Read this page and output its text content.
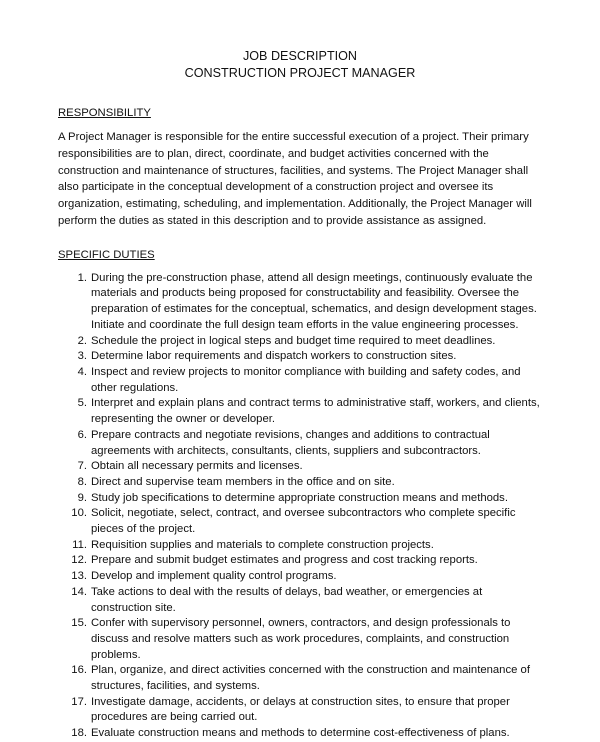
JOB DESCRIPTION

CONSTRUCTION PROJECT MANAGER

RESPONSIBILITY

A Project Manager is responsible for the entire successful execution of a project. Their primary responsibilities are to plan, direct, coordinate, and budget activities concerned with the construction and maintenance of structures, facilities, and systems. The Project Manager shall also participate in the conceptual development of a construction project and oversee its organization, estimating, scheduling, and implementation. Additionally, the Project Manager will perform the duties as stated in this description and to provide assistance as assigned.

SPECIFIC DUTIES

1. During the pre-construction phase, attend all design meetings, continuously evaluate the materials and products being proposed for constructability and feasibility. Oversee the preparation of estimates for the conceptual, schematics, and design development stages. Initiate and coordinate the full design team efforts in the value engineering processes.
2. Schedule the project in logical steps and budget time required to meet deadlines.
3. Determine labor requirements and dispatch workers to construction sites.
4. Inspect and review projects to monitor compliance with building and safety codes, and other regulations.
5. Interpret and explain plans and contract terms to administrative staff, workers, and clients, representing the owner or developer.
6. Prepare contracts and negotiate revisions, changes and additions to contractual agreements with architects, consultants, clients, suppliers and subcontractors.
7. Obtain all necessary permits and licenses.
8. Direct and supervise team members in the office and on site.
9. Study job specifications to determine appropriate construction means and methods.
10. Solicit, negotiate, select, contract, and oversee subcontractors who complete specific pieces of the project.
11. Requisition supplies and materials to complete construction projects.
12. Prepare and submit budget estimates and progress and cost tracking reports.
13. Develop and implement quality control programs.
14. Take actions to deal with the results of delays, bad weather, or emergencies at construction site.
15. Confer with supervisory personnel, owners, contractors, and design professionals to discuss and resolve matters such as work procedures, complaints, and construction problems.
16. Plan, organize, and direct activities concerned with the construction and maintenance of structures, facilities, and systems.
17. Investigate damage, accidents, or delays at construction sites, to ensure that proper procedures are being carried out.
18. Evaluate construction means and methods to determine cost-effectiveness of plans.
